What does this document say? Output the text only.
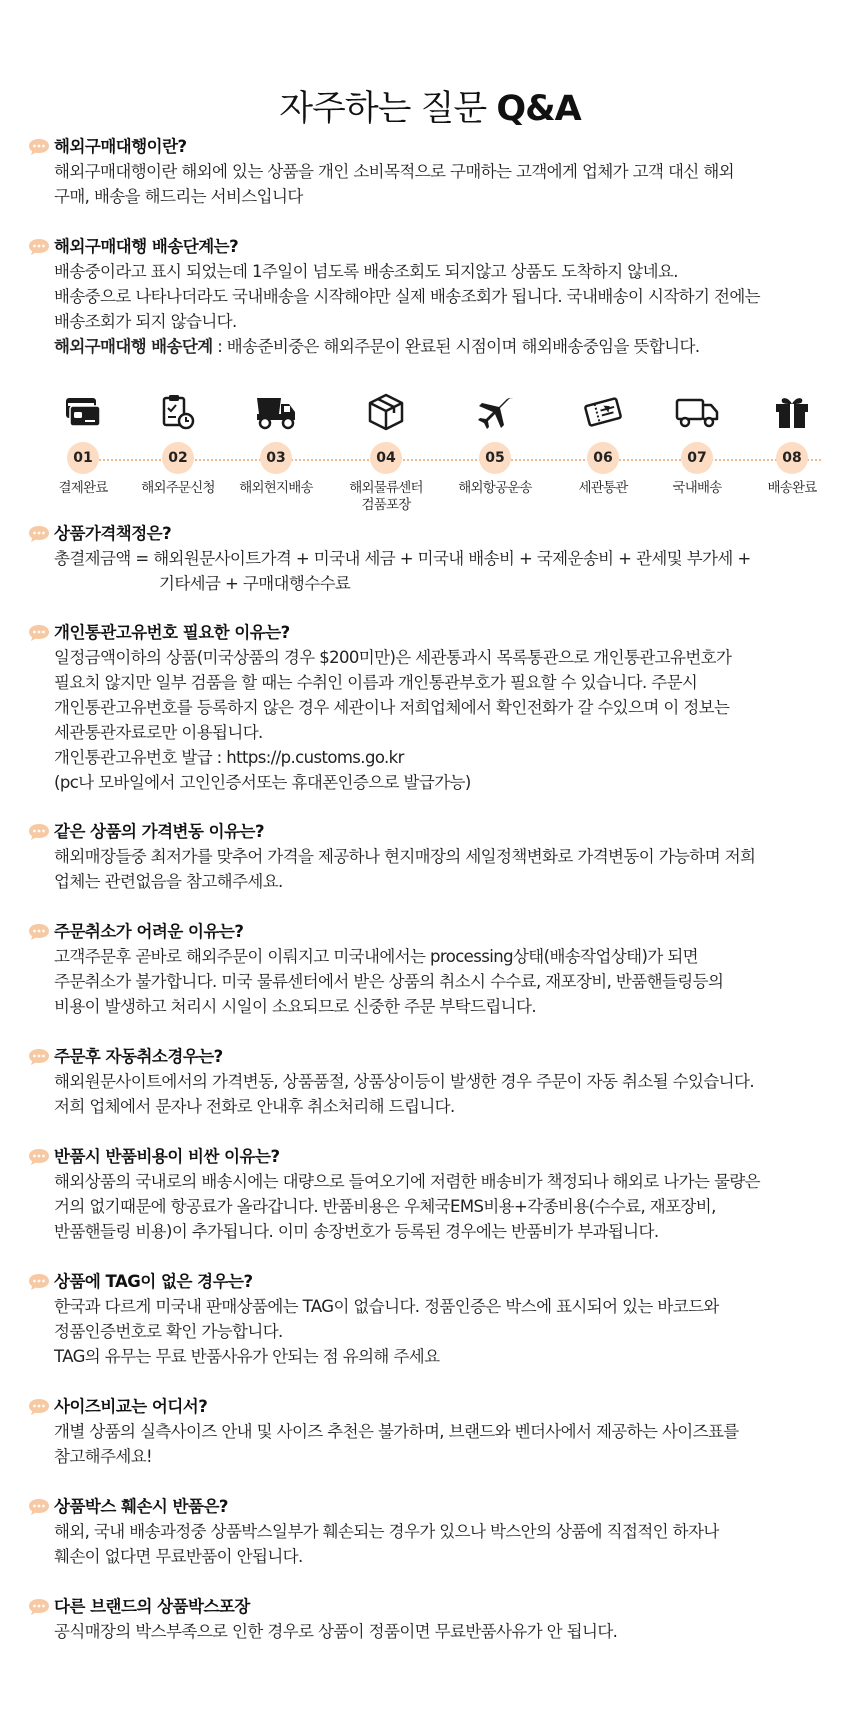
자주하는 질문 Q&A
해외구매대행이란?
해외구매대행이란 해외에 있는 상품을 개인 소비목적으로 구매하는 고객에게 업체가 고객 대신 해외
구매, 배송을 해드리는 서비스입니다
해외구매대행 배송단계는?
배송중이라고 표시 되었는데 1주일이 넘도록 배송조회도 되지않고 상품도 도착하지 않네요.
배송중으로 나타나더라도 국내배송을 시작해야만 실제 배송조회가 됩니다. 국내배송이 시작하기 전에는
배송조회가 되지 않습니다.
해외구매대행 배송단계 : 배송준비중은 해외주문이 완료된 시점이며 해외배송중임을 뜻합니다.
01
결제완료
02
해외주문신청
03
해외현지배송
04
해외물류센터
검품포장
05
해외항공운송
06
세관통관
07
국내배송
08
배송완료
상품가격책정은?
총결제금액 = 해외원문사이트가격 + 미국내 세금 + 미국내 배송비 + 국제운송비 + 관세및 부가세 +
기타세금 + 구매대행수수료
개인통관고유번호 필요한 이유는?
일정금액이하의 상품(미국상품의 경우 $200미만)은 세관통과시 목록통관으로 개인통관고유번호가
필요치 않지만 일부 검품을 할 때는 수취인 이름과 개인통관부호가 필요할 수 있습니다. 주문시
개인통관고유번호를 등록하지 않은 경우 세관이나 저희업체에서 확인전화가 갈 수있으며 이 정보는
세관통관자료로만 이용됩니다.
개인통관고유번호 발급 : https://p.customs.go.kr
(pc나 모바일에서 고인인증서또는 휴대폰인증으로 발급가능)
같은 상품의 가격변동 이유는?
해외매장들중 최저가를 맞추어 가격을 제공하나 현지매장의 세일정책변화로 가격변동이 가능하며 저희
업체는 관련없음을 참고해주세요.
주문취소가 어려운 이유는?
고객주문후 곧바로 해외주문이 이뤄지고 미국내에서는 processing상태(배송작업상태)가 되면
주문취소가 불가합니다. 미국 물류센터에서 받은 상품의 취소시 수수료, 재포장비, 반품핸들링등의
비용이 발생하고 처리시 시일이 소요되므로 신중한 주문 부탁드립니다.
주문후 자동취소경우는?
해외원문사이트에서의 가격변동, 상품품절, 상품상이등이 발생한 경우 주문이 자동 취소될 수있습니다.
저희 업체에서 문자나 전화로 안내후 취소처리해 드립니다.
반품시 반품비용이 비싼 이유는?
해외상품의 국내로의 배송시에는 대량으로 들여오기에 저렴한 배송비가 책정되나 해외로 나가는 물량은
거의 없기때문에 항공료가 올라갑니다. 반품비용은 우체국EMS비용+각종비용(수수료, 재포장비,
반품핸들링 비용)이 추가됩니다. 이미 송장번호가 등록된 경우에는 반품비가 부과됩니다.
상품에 TAG이 없은 경우는?
한국과 다르게 미국내 판매상품에는 TAG이 없습니다. 정품인증은 박스에 표시되어 있는 바코드와
정품인증번호로 확인 가능합니다.
TAG의 유무는 무료 반품사유가 안되는 점 유의해 주세요
사이즈비교는 어디서?
개별 상품의 실측사이즈 안내 및 사이즈 추천은 불가하며, 브랜드와 벤더사에서 제공하는 사이즈표를
참고해주세요!
상품박스 훼손시 반품은?
해외, 국내 배송과정중 상품박스일부가 훼손되는 경우가 있으나 박스안의 상품에 직접적인 하자나
훼손이 없다면 무료반품이 안됩니다.
다른 브랜드의 상품박스포장
공식매장의 박스부족으로 인한 경우로 상품이 정품이면 무료반품사유가 안 됩니다.
